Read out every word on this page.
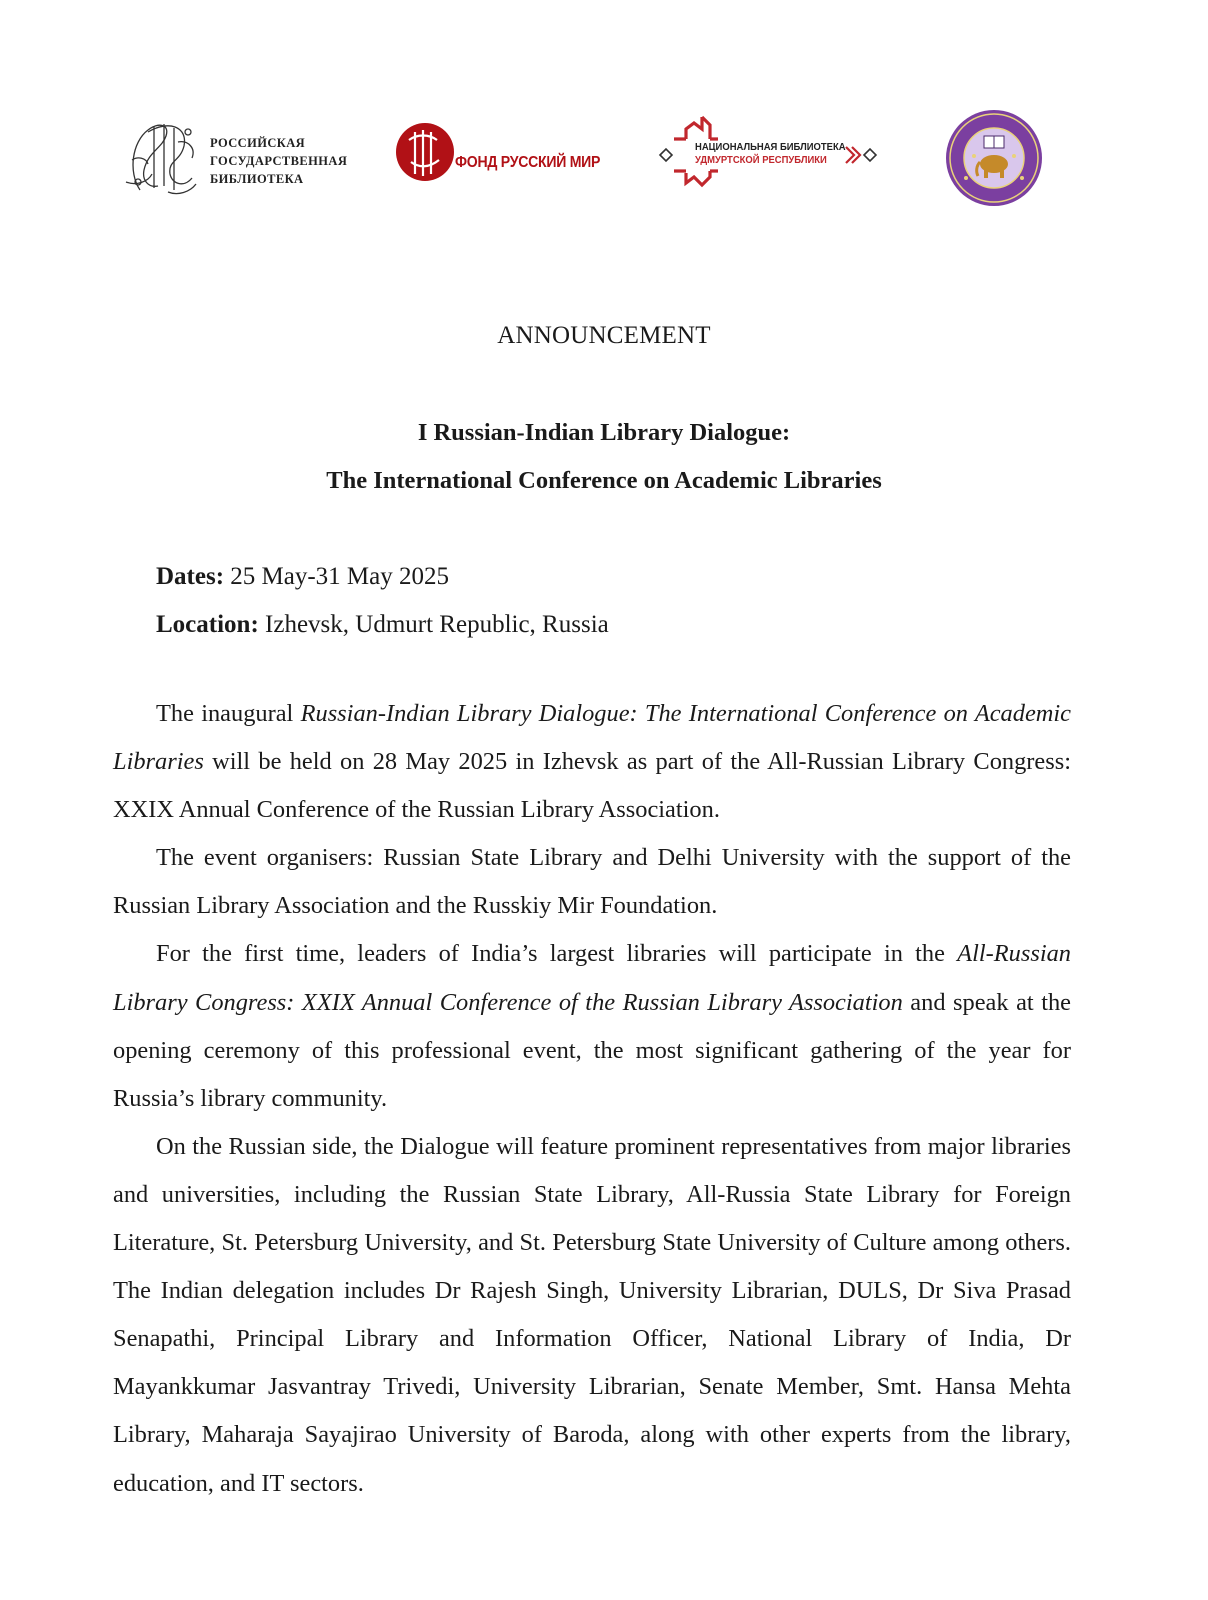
РОССИЙСКАЯ
ГОСУДАРСТВЕННАЯ
БИБЛИОТЕКА
ФОНД РУССКИЙ МИР
НАЦИОНАЛЬНАЯ БИБЛИОТЕКА
УДМУРТСКОЙ РЕСПУБЛИКИ
ANNOUNCEMENT
I Russian-Indian Library Dialogue:
The International Conference on Academic Libraries
Dates: 25 May-31 May 2025
Location: Izhevsk, Udmurt Republic, Russia

The inaugural Russian-Indian Library Dialogue: The International Conference on Academic Libraries will be held on 28 May 2025 in Izhevsk as part of the All-Russian Library Congress: XXIX Annual Conference of the Russian Library Association.

The event organisers: Russian State Library and Delhi University with the support of the Russian Library Association and the Russkiy Mir Foundation.

For the first time, leaders of India’s largest libraries will participate in the All-Russian Library Congress: XXIX Annual Conference of the Russian Library Association and speak at the opening ceremony of this professional event, the most significant gathering of the year for Russia’s library community.

On the Russian side, the Dialogue will feature prominent representatives from major libraries and universities, including the Russian State Library, All-Russia State Library for Foreign Literature, St. Petersburg University, and St. Petersburg State University of Culture among others. The Indian delegation includes Dr Rajesh Singh, University Librarian, DULS, Dr Siva Prasad Senapathi, Principal Library and Information Officer, National Library of India, Dr Mayankkumar Jasvantray Trivedi, University Librarian, Senate Member, Smt. Hansa Mehta Library, Maharaja Sayajirao University of Baroda, along with other experts from the library, education, and IT sectors.
